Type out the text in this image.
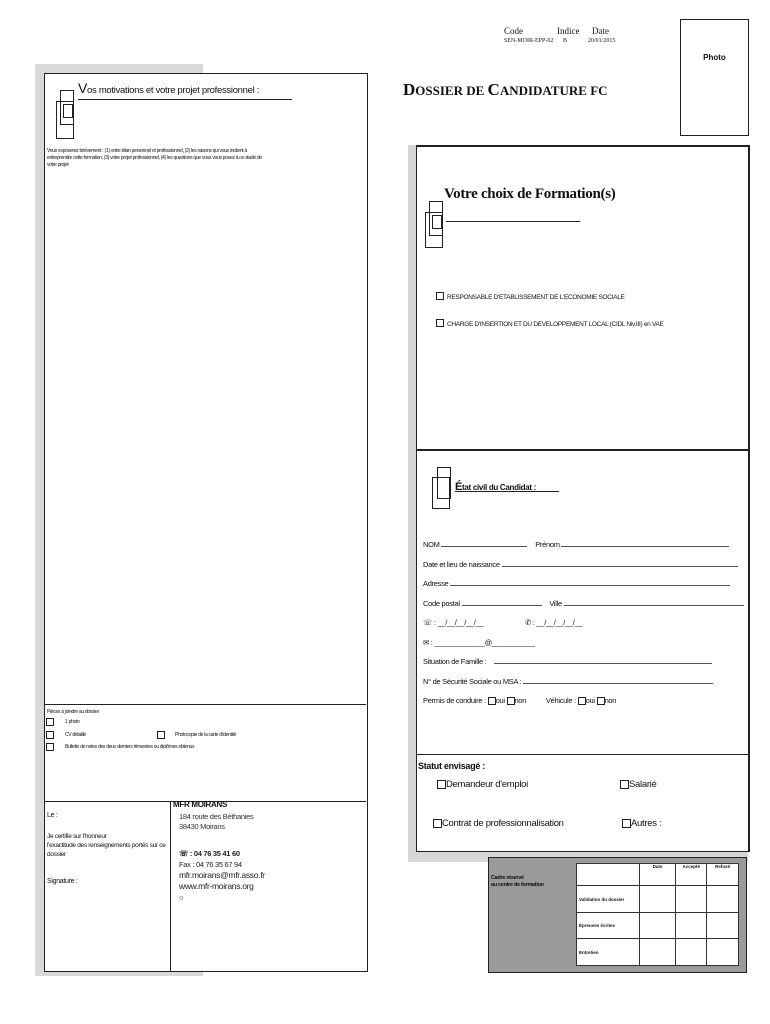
Code
SEN-MOIR-EPP-02
Indice
B
Date
20/01/2015
Photo
DOSSIER DE CANDIDATURE FC
Vos motivations et votre projet professionnel :
Vous exposerez brièvement : (1) votre bilan personnel et professionnel, (2) les raisons qui vous incitent à entreprendre cette formation, (3) votre projet professionnel, (4) les questions que vous vous posez à ce stade de votre projet
Pièces à joindre au dossier
1 photo
CV détaillé	Photocopie de la carte d'identité
Bulletin de notes des deux derniers trimestres ou diplômes obtenus
Le :
Je certifie sur l'honneur
l'exactitude des renseignements portés sur ce
dossier
Signature :
MFR MOIRANS
184 route des Béthanies
38430 Moirans
☏ : 04 76 35 41 60
Fax : 04 76 35 67 94
mfr.moirans@mfr.asso.fr
www.mfr-moirans.org
○
Votre choix de Formation(s)
RESPONSABLE D'ETABLISSEMENT DE L'ECONOMIE SOCIALE
CHARGE D'INSERTION ET DU DEVELOPPEMENT LOCAL (CIDL Niv.III) en VAE
État civil du Candidat :
NOM	Prénom
Date et lieu de naissance
Adresse
Code postal	Ville
☏ : __/__/__/__/__	✆ : __/__/__/__/__
✉ : _____________@___________
Situation de Famille :
N° de Sécurité Sociale ou MSA :
Permis de conduire : oui non	Véhicule : oui non
Statut envisagé :
Demandeur d'emploi	Salarié
Contrat de professionnalisation	Autres :
Cadre réservé
au centre de formation
	Date	Accepté	Refusé
Validation du dossier			
Épreuves écrites			
Entretien			
